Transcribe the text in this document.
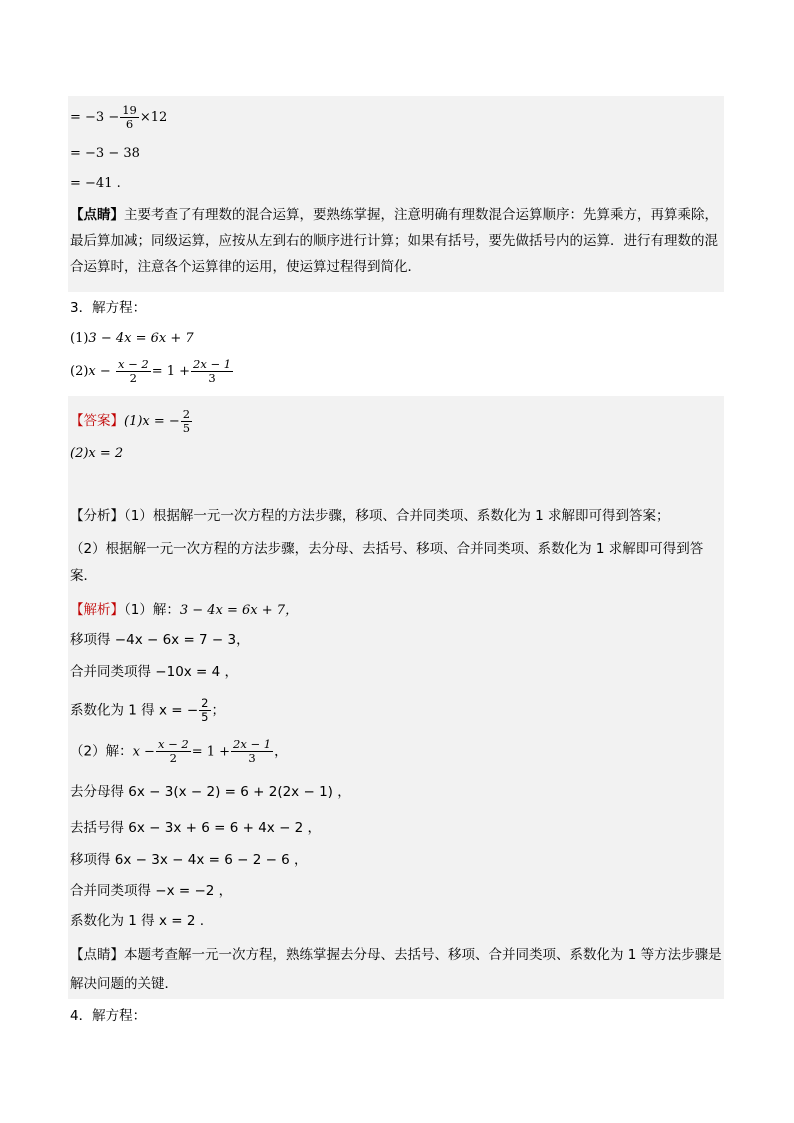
= $-3 - \frac{19}{6} \times 12$
= −3 − 38
= −41 .
【点睛】主要考查了有理数的混合运算，要熟练掌握，注意明确有理数混合运算顺序：先算乘方，再算乘除，最后算加减；同级运算，应按从左到右的顺序进行计算；如果有括号，要先做括号内的运算．进行有理数的混合运算时，注意各个运算律的运用，使运算过程得到简化．
3．解方程：
(1)3 − 4x = 6x + 7
$(2)x - \frac{x - 2}{2} = 1 + \frac{2x - 1}{3}$
【答案】(1)x = − $\frac{2}{5}$
(2)x = 2
【分析】（1）根据解一元一次方程的方法步骤，移项、合并同类项、系数化为 1 求解即可得到答案；
（2）根据解一元一次方程的方法步骤，去分母、去括号、移项、合并同类项、系数化为 1 求解即可得到答案．
【解析】（1）解：3 − 4x = 6x + 7，
移项得 −4x − 6x = 7 − 3，
合并同类项得 −10x = 4 ，
系数化为 1 得 x = − $\frac{2}{5}$ ；
（2）解：$x - \frac{x - 2}{2} = 1 + \frac{2x - 1}{3}$ ，
去分母得 6x − 3(x − 2) = 6 + 2(2x − 1) ，
去括号得 6x − 3x + 6 = 6 + 4x − 2 ，
移项得 6x − 3x − 4x = 6 − 2 − 6 ，
合并同类项得 −x = −2 ，
系数化为 1 得 x = 2 .
【点睛】本题考查解一元一次方程，熟练掌握去分母、去括号、移项、合并同类项、系数化为 1 等方法步骤是解决问题的关键．
4．解方程：
